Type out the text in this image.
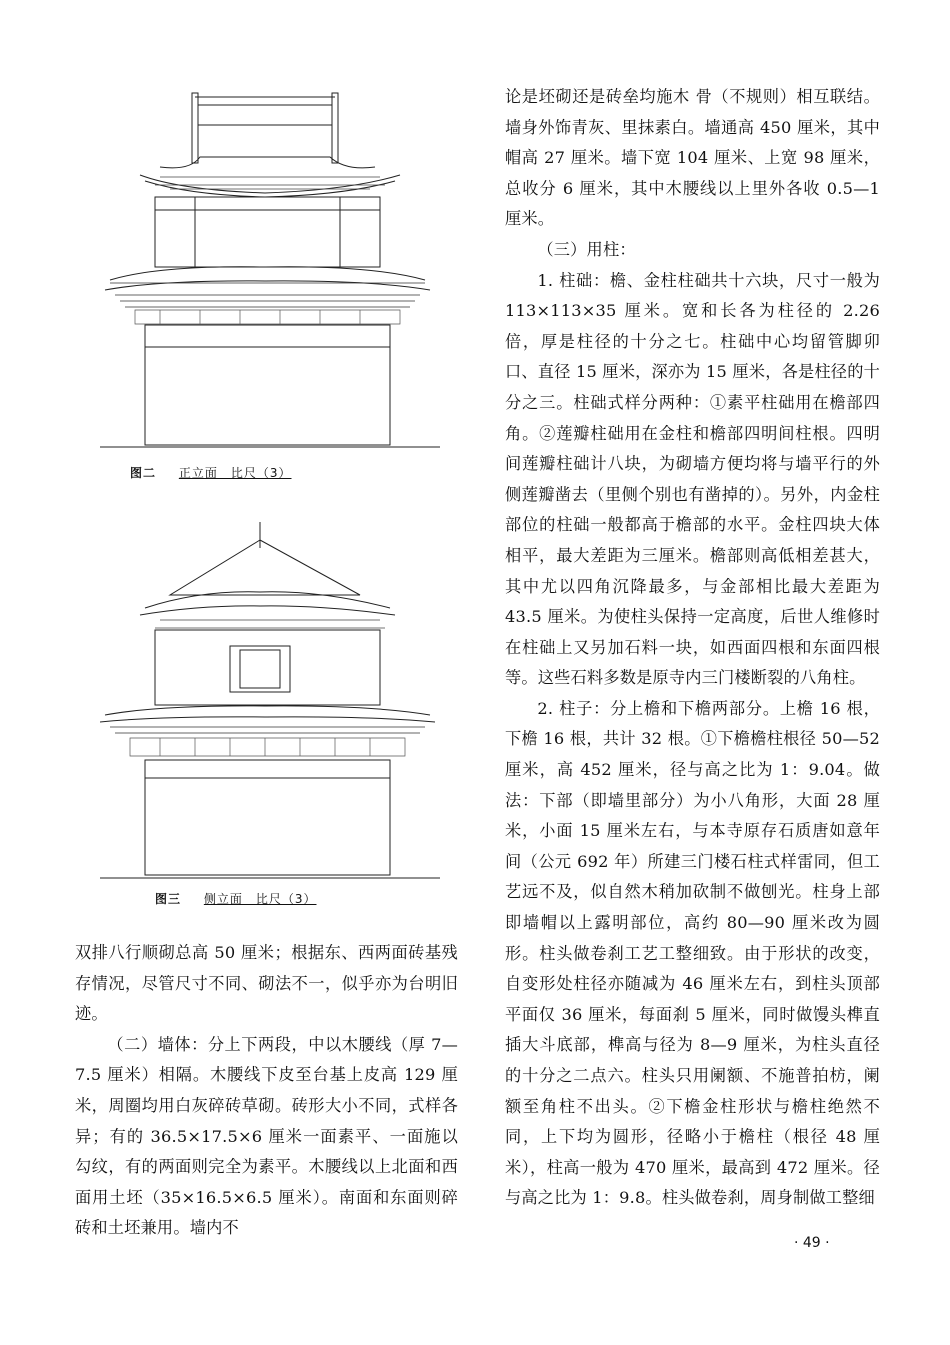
图二 正立面　比尺（3）
图三 侧立面　比尺（3）

双排八行顺砌总高 50 厘米；根据东、西两面砖基残存情况，尽管尺寸不同、砌法不一，似乎亦为台明旧迹。

（二）墙体：分上下两段，中以木腰线（厚 7—7.5 厘米）相隔。木腰线下皮至台基上皮高 129 厘米，周圈均用白灰碎砖草砌。砖形大小不同，式样各异；有的 36.5×17.5×6 厘米一面素平、一面施以勾纹，有的两面则完全为素平。木腰线以上北面和西面用土坯（35×16.5×6.5 厘米）。南面和东面则碎砖和土坯兼用。墙内不

论是坯砌还是砖垒均施木 骨（不规则）相互联结。墙身外饰青灰、里抹素白。墙通高 450 厘米，其中帽高 27 厘米。墙下宽 104 厘米、上宽 98 厘米，总收分 6 厘米，其中木腰线以上里外各收 0.5—1 厘米。

（三）用柱：

1. 柱础：檐、金柱柱础共十六块，尺寸一般为 113×113×35 厘米。宽和长各为柱径的 2.26 倍，厚是柱径的十分之七。柱础中心均留管脚卯口、直径 15 厘米，深亦为 15 厘米，各是柱径的十分之三。柱础式样分两种：①素平柱础用在檐部四角。②莲瓣柱础用在金柱和檐部四明间柱根。四明间莲瓣柱础计八块，为砌墙方便均将与墙平行的外侧莲瓣凿去（里侧个别也有凿掉的）。另外，内金柱部位的柱础一般都高于檐部的水平。金柱四块大体相平，最大差距为三厘米。檐部则高低相差甚大，其中尤以四角沉降最多，与金部相比最大差距为 43.5 厘米。为使柱头保持一定高度，后世人维修时在柱础上又另加石料一块，如西面四根和东面四根等。这些石料多数是原寺内三门楼断裂的八角柱。

2. 柱子：分上檐和下檐两部分。上檐 16 根，下檐 16 根，共计 32 根。①下檐檐柱根径 50—52 厘米，高 452 厘米，径与高之比为 1：9.04。做法：下部（即墙里部分）为小八角形，大面 28 厘米，小面 15 厘米左右，与本寺原存石质唐如意年间（公元 692 年）所建三门楼石柱式样雷同，但工艺远不及，似自然木稍加砍制不做刨光。柱身上部即墙帽以上露明部位，高约 80—90 厘米改为圆形。柱头做卷刹工艺工整细致。由于形状的改变，自变形处柱径亦随减为 46 厘米左右，到柱头顶部平面仅 36 厘米，每面刹 5 厘米，同时做馒头榫直插大斗底部，榫高与径为 8—9 厘米，为柱头直径的十分之二点六。柱头只用阑额、不施普拍枋，阑额至角柱不出头。②下檐金柱形状与檐柱绝然不同，上下均为圆形，径略小于檐柱（根径 48 厘米），柱高一般为 470 厘米，最高到 472 厘米。径与高之比为 1：9.8。柱头做卷刹，周身制做工整细

· 49 ·
